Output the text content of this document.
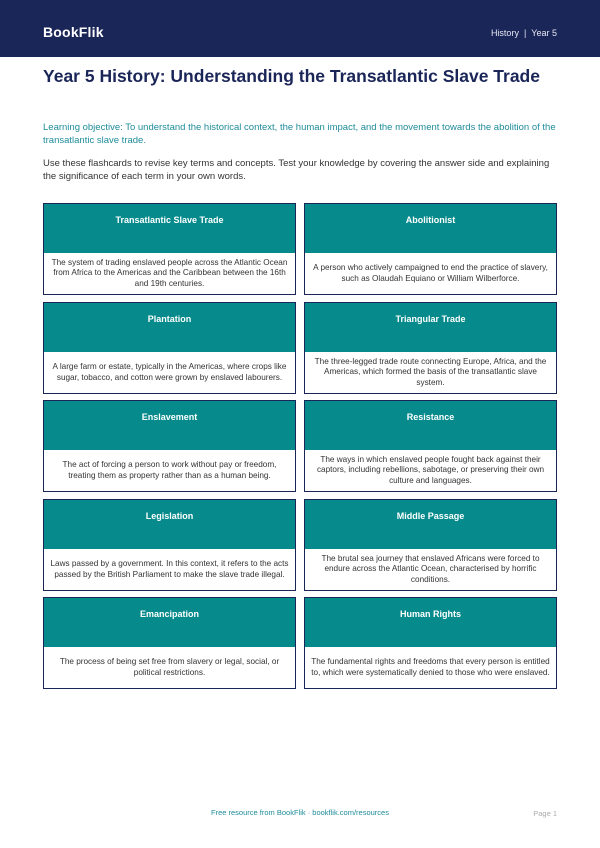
BookFlik	History | Year 5
Year 5 History: Understanding the Transatlantic Slave Trade

Learning objective: To understand the historical context, the human impact, and the movement towards the abolition of the transatlantic slave trade.

Use these flashcards to revise key terms and concepts. Test your knowledge by covering the answer side and explaining the significance of each term in your own words.

Transatlantic Slave Trade
The system of trading enslaved people across the Atlantic Ocean from Africa to the Americas and the Caribbean between the 16th and 19th centuries.
Abolitionist
A person who actively campaigned to end the practice of slavery, such as Olaudah Equiano or William Wilberforce.
Plantation
A large farm or estate, typically in the Americas, where crops like sugar, tobacco, and cotton were grown by enslaved labourers.
Triangular Trade
The three-legged trade route connecting Europe, Africa, and the Americas, which formed the basis of the transatlantic slave system.
Enslavement
The act of forcing a person to work without pay or freedom, treating them as property rather than as a human being.
Resistance
The ways in which enslaved people fought back against their captors, including rebellions, sabotage, or preserving their own culture and languages.
Legislation
Laws passed by a government. In this context, it refers to the acts passed by the British Parliament to make the slave trade illegal.
Middle Passage
The brutal sea journey that enslaved Africans were forced to endure across the Atlantic Ocean, characterised by horrific conditions.
Emancipation
The process of being set free from slavery or legal, social, or political restrictions.
Human Rights
The fundamental rights and freedoms that every person is entitled to, which were systematically denied to those who were enslaved.
Free resource from BookFlik · bookflik.com/resources	Page 1
